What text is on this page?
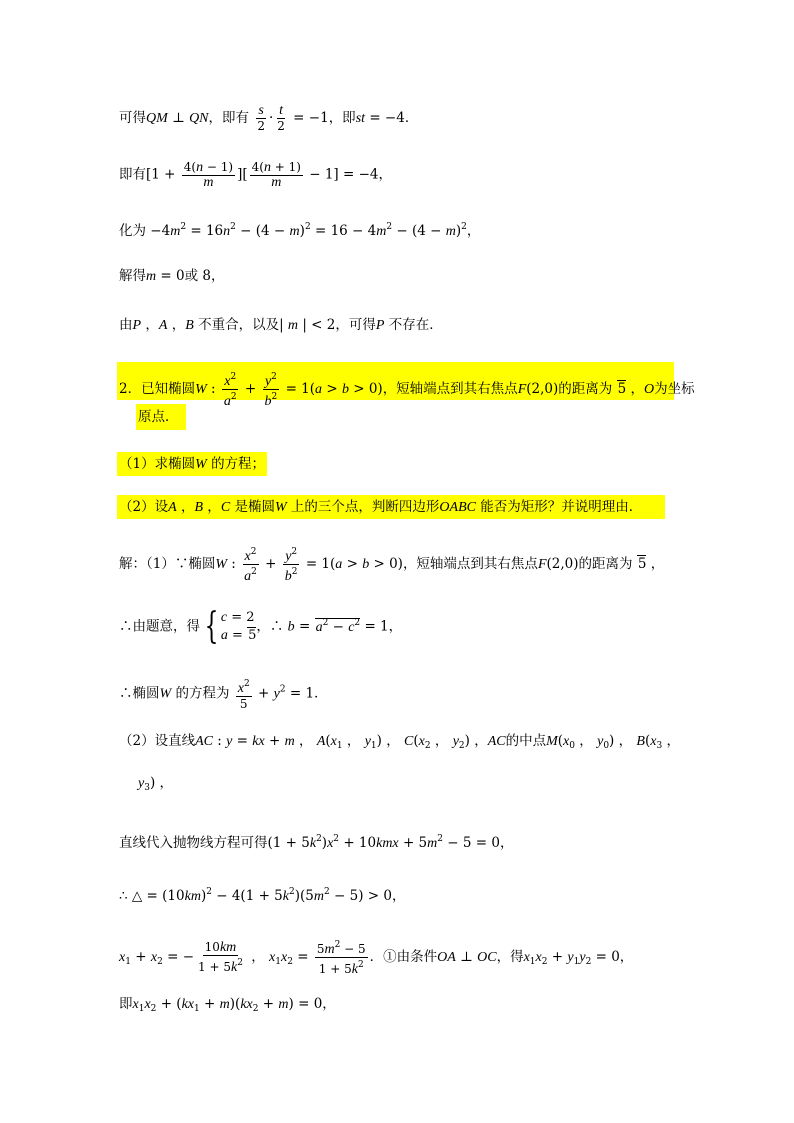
可得QM ⊥ QN，即有 $\frac{s}{2} \cdot \frac{t}{2} = -1$，即st = −4．
即有[$1 + \frac{4(n - 1)}{m}$ ][ $\frac{4(n + 1)}{m} - 1] = -4$，
化为 $-4m^2 = 16n^2 - (4 - m)^2 = 16 - 4m^2 - (4 - m)^2$，
解得m = 0或 8，
由P ，A ，B 不重合，以及| m | < 2，可得P 不存在．
2．已知椭圆W : $\frac{x^2}{a^2} + \frac{y^2}{b^2} = 1(a > b > 0)$，短轴端点到其右焦点F(2,0)的距离为 5 ，O为坐标
原点．
（1）求椭圆W 的方程；
（2）设A ，B ，C 是椭圆W 上的三个点，判断四边形OABC 能否为矩形？并说明理由．
解：（1）∵椭圆W : $\frac{x^2}{a^2} + \frac{y^2}{b^2} = 1(a > b > 0)$，短轴端点到其右焦点F(2,0)的距离为 5 ，
∴由题意，得 { c = 2
a = 5
，∴ $b = a^2 - c^2 = 1$，
∴椭圆W 的方程为 $\frac{x^2}{5} + y^2 = 1$．
（2）设直线AC : y = kx + m ， $A(x_1$ ， $y_1$) ， $C(x_2$ ， $y_2$) ，AC的中点$M(x_0$ ， $y_0$) ， $B(x_3$ ，
$y_3$) ，
直线代入抛物线方程可得$(1 + 5k^2)x^2 + 10kmx + 5m^2 - 5 = 0$，
∴ △ = $(10km)^2 - 4(1 + 5k^2)(5m^2 - 5) > 0$，
$x_1 + x_2$ = − $\frac{10km}{1 + 5k^2}$ ， $x_1x_2 = \frac{5m^2 - 5}{1 + 5k^2}$ ．①由条件OA ⊥ OC，得$x_1x_2 + y_1y_2 = 0$，
即$x_1x_2 + (kx_1 + m)(kx_2 + m) = 0$，
